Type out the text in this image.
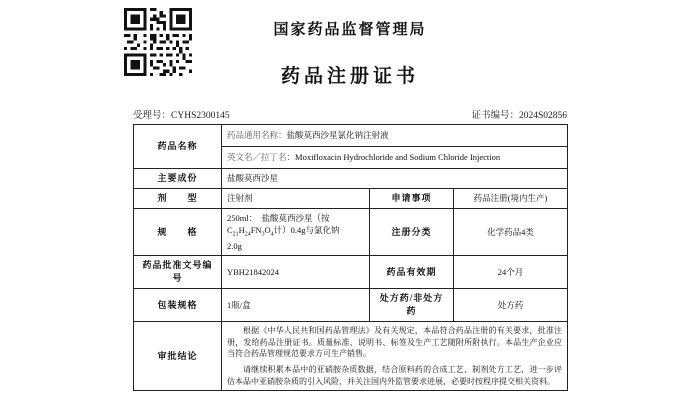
国家药品监督管理局
药品注册证书
受理号：CYHS2300145	证书编号：2024S02856
药品名称	药品通用名称：盐酸莫西沙星氯化钠注射液		
	英文名／拉丁名：Moxifloxacin Hydrochloride and Sodium Chloride Injection		
主要成份	盐酸莫西沙星		
剂　　型	注射剂	申请事项	药品注册(境内生产)
规　　格	250ml：　盐酸莫西沙星（按
$C_{21}H_{24}FN_3O_4$计）0.4g与氯化钠
2.0g	注册分类	化学药品4类
药品批准文号编号	YBH21842024	药品有效期	24个月
包装规格	1瓶/盒	处方药/非处方药	处方药
审批结论	根据《中华人民共和国药品管理法》及有关规定，本品符合药品注册的有关要求，批准注册，发给药品注册证书。质量标准、说明书、标签及生产工艺随附所附执行。本品生产企业应当符合药品管理规范要求方可生产销售。

请继续积累本品中的亚硝胺杂质数据，结合原料药的合成工艺、制剂处方工艺，进一步评估本品中亚硝胺杂质的引入风险，并关注国内外监管要求进展，必要时按程序提交相关资料。		
